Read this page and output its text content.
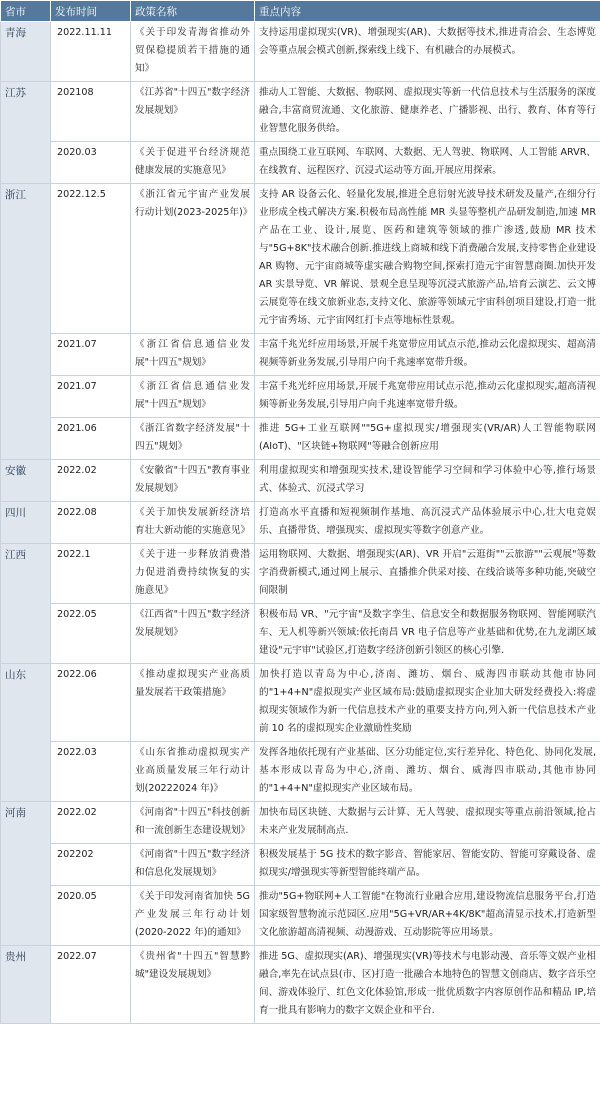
省市	发布时间	政策名称	重点内容
青海	2022.11.11	《关于印发青海省推动外贸保稳提质若干措施的通知》	支持运用虚拟现实(VR)、增强现实(AR)、大数据等技术,推进青洽会、生态博览会等重点展会模式创新,探索线上线下、有机融合的办展模式。
江苏	202108	《江苏省"十四五"数字经济发展规划》	推动人工智能、大数据、物联网、虚拟现实等新一代信息技术与生活服务的深度融合,丰富商贸流通、文化旅游、健康养老、广播影视、出行、教育、体育等行业智慧化服务供给。
	2020.03	《关于促进平台经济规范健康发展的实施意见》	重点围绕工业互联网、车联网、大数据、无人驾驶、物联网、人工智能 ARVR、在线教育、远程医疗、沉浸式运动等方面,开展应用探索。
浙江	2022.12.5	《浙江省元宇宙产业发展行动计划(2023-2025年)》	支持 AR 设备云化、轻量化发展,推进全息衍射光波导技术研发及量产,在细分行业形成全栈式解决方案.积极布局高性能 MR 头显等整机产品研发制造,加速 MR 产品在工业、设计,展览、医药和建筑等领域的推广渗透,鼓励 MR 技术与"5G+8K"技术融合创新.推进线上商城和线下消费融合发展,支持零售企业建设 AR 购物、元宇宙商城等虚实融合购物空间,探索打造元宇宙智慧商圈.加快开发 AR 实景导览、VR 解说、景观全息呈现等沉浸式旅游产品,培育云演艺、云文博云展览等在线文旅新业态,支持文化、旅游等领域元宇宙科创项目建设,打造一批元宇宙秀场、元宇宙网红打卡点等地标性景观。
	2021.07	《浙江省信息通信业发展"十四五"规划》	丰富千兆光纤应用场景,开展千兆宽带应用试点示范,推动云化虚拟现实、超高清视频等新业务发展,引导用户向千兆速率宽带升级。
	2021.07	《浙江省信息通信业发展"十四五"规划》	丰富千兆光纤应用场景,开展千兆宽带应用试点示范,推动云化虚拟现实,超高清视频等新业务发展,引导用户向千兆速率宽带升级。
	2021.06	《浙江省数字经济发展"十四五"规划》	推进 5G+工业互联网""5G+虚拟现实/增强现实(VR/AR)人工智能物联网(AIoT)、"区块链+物联网"等融合创新应用
安徽	2022.02	《安徽省"十四五"教育事业发展规划》	利用虚拟现实和增强现实技术,建设智能学习空间和学习体验中心等,推行场景式、体验式、沉浸式学习
四川	2022.08	《关于加快发展新经济培育壮大新动能的实施意见》	打造高水平直播和短视频制作基地、高沉浸式产品体验展示中心,壮大电竞娱乐、直播带货、增强现实、虚拟现实等数字创意产业。
江西	2022.1	《关于进一步释放消费潜力促进消费持续恢复的实施意见》	运用物联网、大数据、增强现实(AR)、VR 开启"云逛街""云旅游""云观展"等数字消费新模式,通过网上展示、直播推介供采对接、在线洽谈等多种功能,突破空间限制
	2022.05	《江西省"十四五"数字经济发展规划》	积极布局 VR、"元宇宙"及数字孪生、信息安全和数据服务物联网、智能网联汽车、无人机等新兴领域:依托南昌 VR 电子信息等产业基础和优势,在九龙湖区域建设"元宇审"试验区,打造数字经济创新引领区的核心引擎.
山东	2022.06	《推动虚拟现实产业高质量发展若干政策措施》	加快打造以青岛为中心,济南、潍坊、烟台、威海四市联动其他市协同的"1+4+N"虚拟现实产业区域布局:鼓励虚拟现实企业加大研发经费投入:将虚拟现实领域作为新一代信息技术产业的重要支持方向,列入新一代信息技术产业前 10 名的虚拟现实企业激励性奖励
	2022.03	《山东省推动虚拟现实产业高质量发展三年行动计划(20222024 年)》	发挥各地依托现有产业基础、区分功能定位,实行差异化、特色化、协同化发展,基本形成以青岛为中心,济南、潍坊、烟台、威海四市联动,其他市协同的"1+4+N"虚拟现实产业区域布局。
河南	2022.02	《河南省"十四五"科技创新和一流创新生态建设规划》	加快布局区块链、大数据与云计算、无人驾驶、虚拟现实等重点前沿领域,抢占未来产业发展制高点.
	202202	《河南省"十四五"数字经济和信息化发展规划》	积极发展基于 5G 技术的数字影音、智能家居、智能安防、智能可穿戴设备、虚拟现实/增强现实等新型智能终端产品。
	2020.05	《关于印发河南省加快 5G 产业发展三年行动计划(2020-2022 年)的通知》	推动"5G+物联网+人工智能"在物流行业融合应用,建设物流信息服务平台,打造国家级智慧物流示范园区.应用"5G+VR/AR+4K/8K"超高清显示技术,打造新型文化旅游超高清视频、动漫游戏、互动影院等应用场景。
贵州	2022.07	《贵州省"十四五"智慧黔城"建设发展规划》	推进 5G、虚拟现实(AR)、增强现实(VR)等技术与电影动漫、音乐等文娱产业相融合,率先在试点县(市、区)打造一批融合本地特色的智慧文创商店、数字音乐空间、游戏体验厅、红色文化体验馆,形成一批优质数字内容原创作品和精品 IP,培育一批具有影响力的数字文娱企业和平台.
